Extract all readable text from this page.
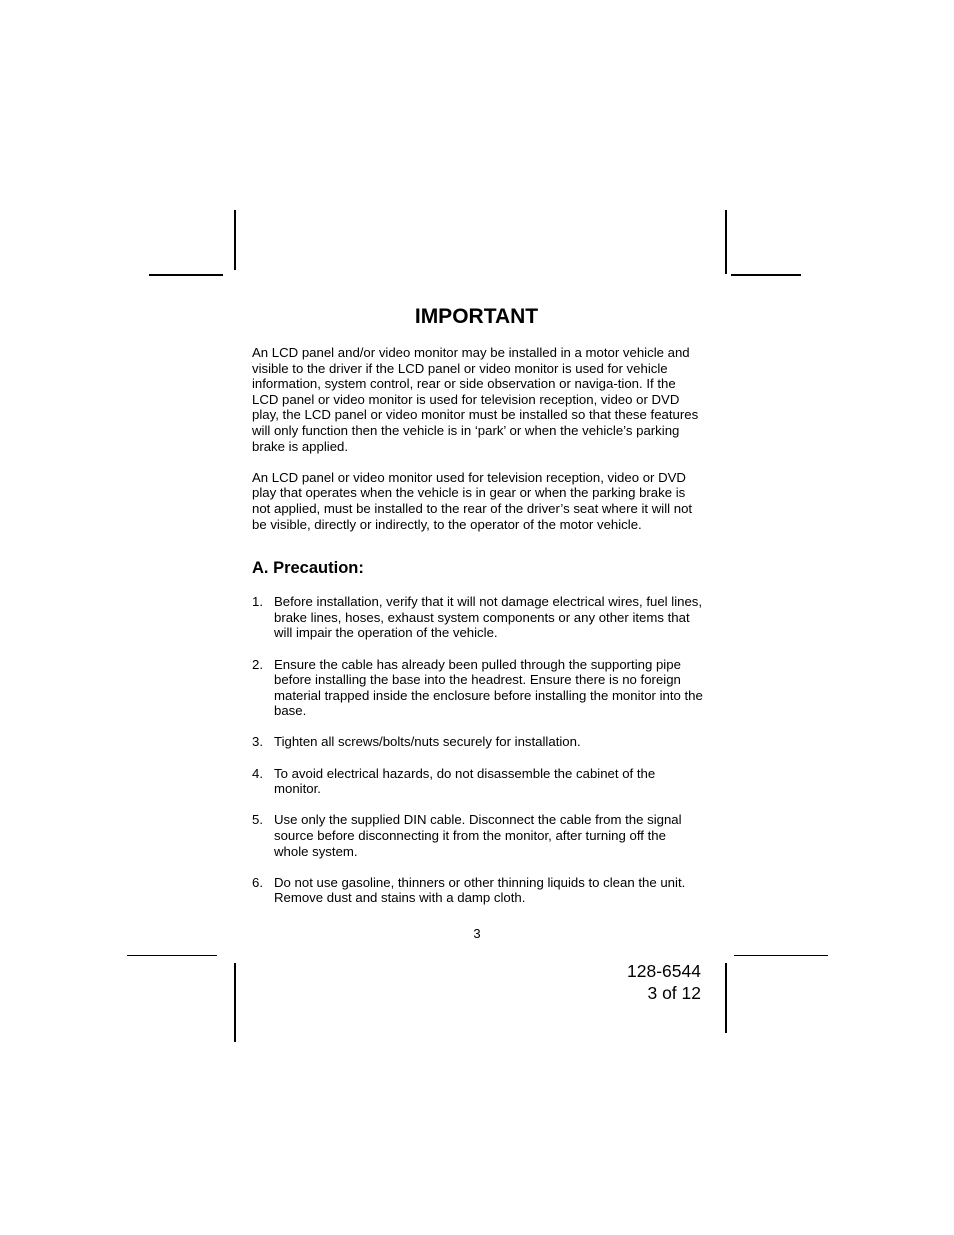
IMPORTANT

An LCD panel and/or video monitor may be installed in a motor vehicle and visible to the driver if the LCD panel or video monitor is used for vehicle information, system control, rear or side observation or naviga-tion. If the LCD panel or video monitor is used for television reception, video or DVD play, the LCD panel or video monitor must be installed so that these features will only function then the vehicle is in ‘park’ or when the vehicle’s parking brake is applied.

An LCD panel or video monitor used for television reception, video or DVD play that operates when the vehicle is in gear or when the parking brake is not applied, must be installed to the rear of the driver’s seat where it will not be visible, directly or indirectly, to the operator of the motor vehicle.

A. Precaution:
1. Before installation, verify that it will not damage electrical wires, fuel lines, brake lines, hoses, exhaust system components or any other items that will impair the operation of the vehicle.
2. Ensure the cable has already been pulled through the supporting pipe before installing the base into the headrest. Ensure there is no foreign material trapped inside the enclosure before installing the monitor into the base.
3. Tighten all screws/bolts/nuts securely for installation.
4. To avoid electrical hazards, do not disassemble the cabinet of the monitor.
5. Use only the supplied DIN cable. Disconnect the cable from the signal source before disconnecting it from the monitor, after turning off the whole system.
6. Do not use gasoline, thinners or other thinning liquids to clean the unit. Remove dust and stains with a damp cloth.
3
128-6544
3 of 12
